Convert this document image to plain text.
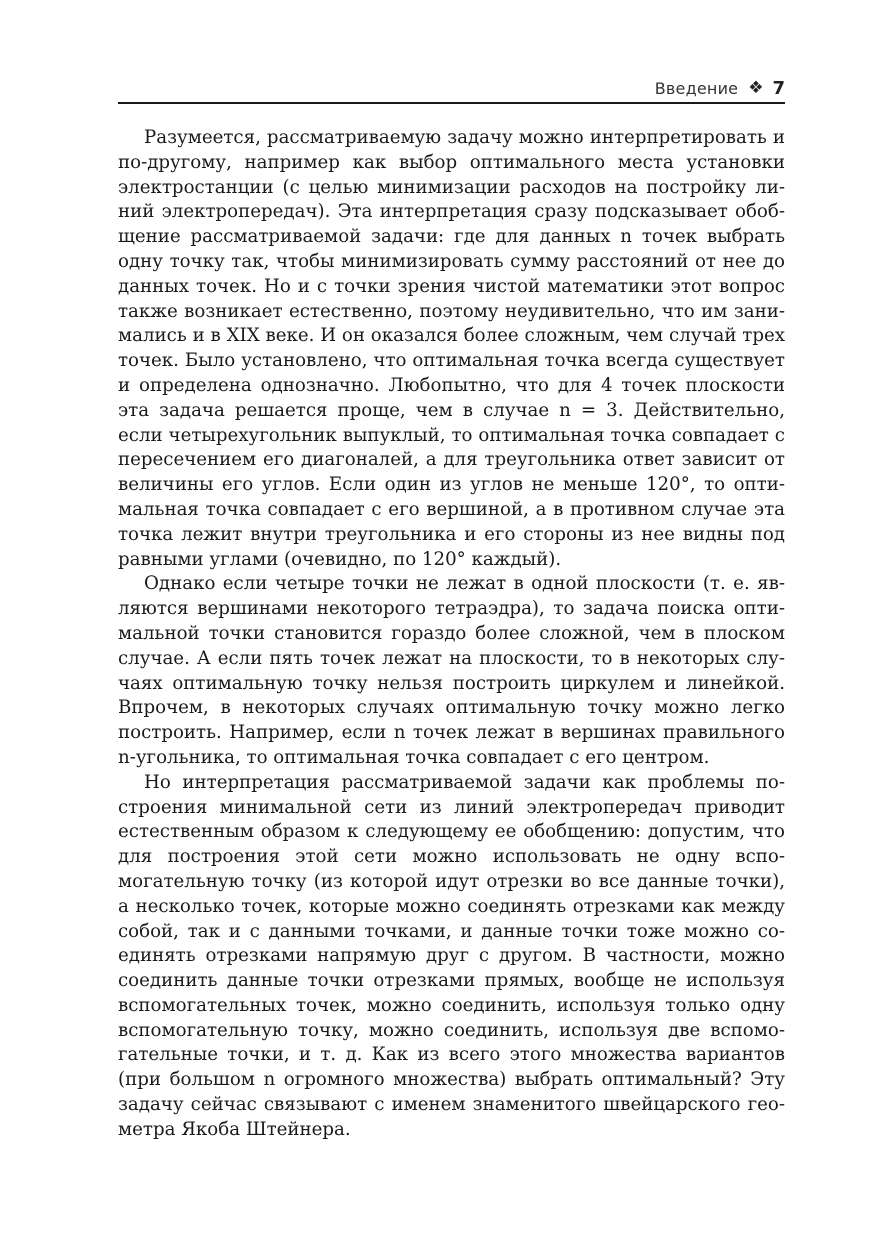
Введение ❖ 7

Разумеется, рассматриваемую задачу можно интерпретировать и по-другому, например как выбор оптимального места установки электростанции (с целью минимизации расходов на постройку линий электропередач). Эта интерпретация сразу подсказывает обобщение рассматриваемой задачи: где для данных n точек выбрать одну точку так, чтобы минимизировать сумму расстояний от нее до данных точек. Но и с точки зрения чистой математики этот вопрос также возникает естественно, поэтому неудивительно, что им занимались и в XIX веке. И он оказался более сложным, чем случай трех точек. Было установлено, что оптимальная точка всегда существует и определена однозначно. Любопытно, что для 4 точек плоскости эта задача решается проще, чем в случае n = 3. Действительно, если четырехугольник выпуклый, то оптимальная точка совпадает с пересечением его диагоналей, а для треугольника ответ зависит от величины его углов. Если один из углов не меньше 120°, то оптимальная точка совпадает с его вершиной, а в противном случае эта точка лежит внутри треугольника и его стороны из нее видны под равными углами (очевидно, по 120° каждый).

Однако если четыре точки не лежат в одной плоскости (т. е. являются вершинами некоторого тетраэдра), то задача поиска оптимальной точки становится гораздо более сложной, чем в плоском случае. А если пять точек лежат на плоскости, то в некоторых случаях оптимальную точку нельзя построить циркулем и линейкой. Впрочем, в некоторых случаях оптимальную точку можно легко построить. Например, если n точек лежат в вершинах правильного n-угольника, то оптимальная точка совпадает с его центром.

Но интерпретация рассматриваемой задачи как проблемы построения минимальной сети из линий электропередач приводит естественным образом к следующему ее обобщению: допустим, что для построения этой сети можно использовать не одну вспомогательную точку (из которой идут отрезки во все данные точки), а несколько точек, которые можно соединять отрезками как между собой, так и с данными точками, и данные точки тоже можно соединять отрезками напрямую друг с другом. В частности, можно соединить данные точки отрезками прямых, вообще не используя вспомогательных точек, можно соединить, используя только одну вспомогательную точку, можно соединить, используя две вспомогательные точки, и т. д. Как из всего этого множества вариантов (при большом n огромного множества) выбрать оптимальный? Эту задачу сейчас связывают с именем знаменитого швейцарского геометра Якоба Штейнера.
